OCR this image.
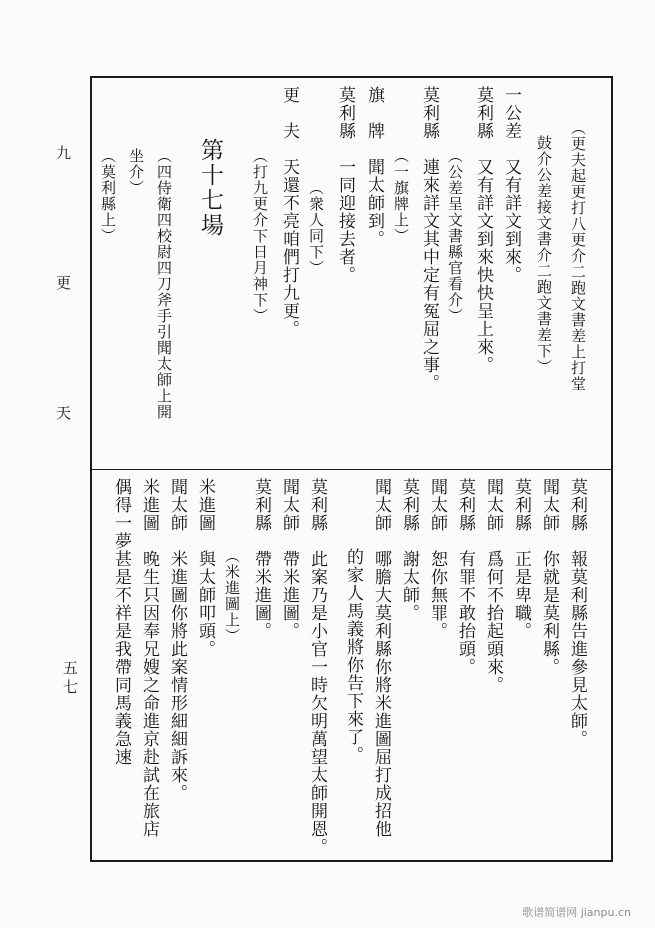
九　更　天
五七
（更夫起更打八更介二跑文書差上打堂
鼓介公差接文書介二跑文書差下）
一公差　又有詳文到來。
莫利縣　又有詳文到來快快呈上來。
（公差呈文書縣官看介）
莫利縣　連來詳文其中定有冤屈之事。
（一旗牌上）
旗　牌　聞太師到。
莫利縣　一同迎接去者。
（衆人同下）
更　夫　天還不亮咱們打九更。
（打九更介下日月神下）
第十七場
（四侍衛四校尉四刀斧手引聞太師上開
坐介）
（莫利縣上）
莫利縣　報莫利縣告進參見太師。
聞太師　你就是莫利縣。
莫利縣　正是卑職。
聞太師　爲何不抬起頭來。
莫利縣　有罪不敢抬頭。
聞太師　恕你無罪。
莫利縣　謝太師。
聞太師　哪膽大莫利縣你將米進圖屈打成招他
的家人馬義將你告下來了。
莫利縣　此案乃是小官一時欠明萬望太師開恩。
聞太師　帶米進圖。
莫利縣　帶米進圖。
（米進圖上）
米進圖　與太師叩頭。
聞太師　米進圖你將此案情形細細訴來。
米進圖　晚生只因奉兄嫂之命進京赴試在旅店
偶得一夢甚是不祥是我帶同馬義急速
歌谱简谱网 jianpu.cn
